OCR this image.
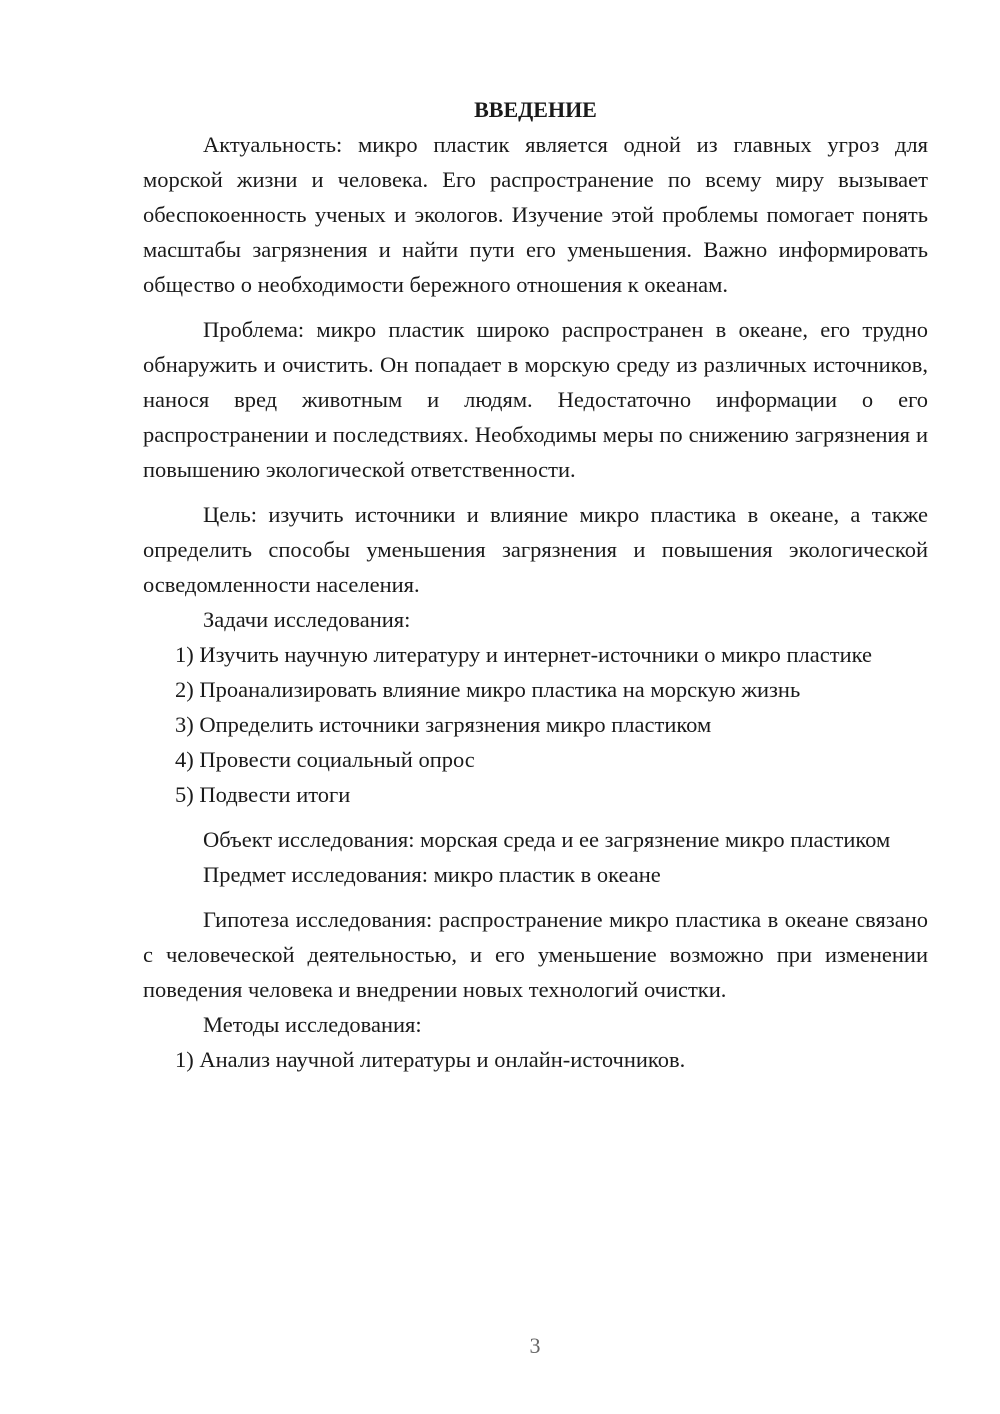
ВВЕДЕНИЕ

Актуальность: микро пластик является одной из главных угроз для морской жизни и человека. Его распространение по всему миру вызывает обеспокоенность ученых и экологов. Изучение этой проблемы помогает понять масштабы загрязнения и найти пути его уменьшения. Важно информировать общество о необходимости бережного отношения к океанам.

Проблема: микро пластик широко распространен в океане, его трудно обнаружить и очистить. Он попадает в морскую среду из различных источников, нанося вред животным и людям. Недостаточно информации о его распространении и последствиях. Необходимы меры по снижению загрязнения и повышению экологической ответственности.

Цель: изучить источники и влияние микро пластика в океане, а также определить способы уменьшения загрязнения и повышения экологической осведомленности населения.

Задачи исследования:

1) Изучить научную литературу и интернет-источники о микро пластике

2) Проанализировать влияние микро пластика на морскую жизнь

3) Определить источники загрязнения микро пластиком

4) Провести социальный опрос

5) Подвести итоги

Объект исследования: морская среда и ее загрязнение микро пластиком

Предмет исследования: микро пластик в океане

Гипотеза исследования: распространение микро пластика в океане связано с человеческой деятельностью, и его уменьшение возможно при изменении поведения человека и внедрении новых технологий очистки.

Методы исследования:

1) Анализ научной литературы и онлайн-источников.

3
